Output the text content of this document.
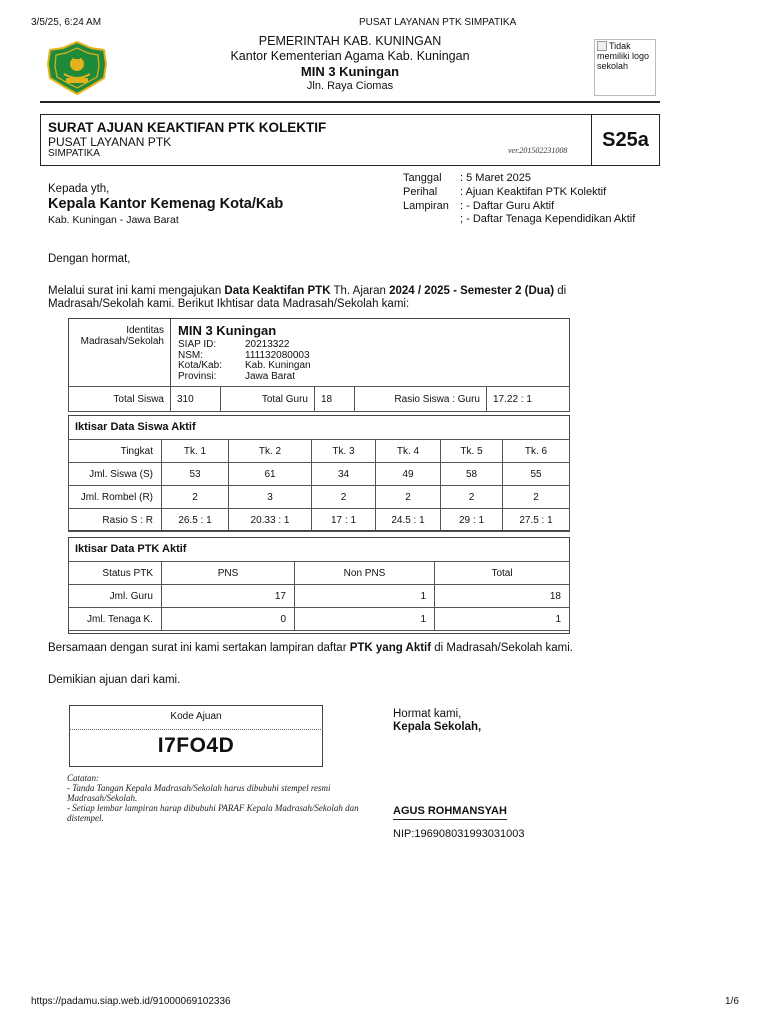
3/5/25, 6:24 AM	PUSAT LAYANAN PTK SIMPATIKA
https://padamu.siap.web.id/91000069102336	1/6
PEMERINTAH KAB. KUNINGAN
Kantor Kementerian Agama Kab. Kuningan
MIN 3 Kuningan
Jln. Raya Ciomas
Tidak memiliki logo sekolah
S25a
SURAT AJUAN KEAKTIFAN PTK KOLEKTIF
PUSAT LAYANAN PTK
SIMPATIKA	ver.201502231008
Kepada yth,
Kepala Kantor Kemenag Kota/Kab
Kab. Kuningan - Jawa Barat
Tanggal : 5 Maret 2025
Perihal : Ajuan Keaktifan PTK Kolektif
Lampiran : - Daftar Guru Aktif
; - Daftar Tenaga Kependidikan Aktif
Dengan hormat,
Melalui surat ini kami mengajukan Data Keaktifan PTK Th. Ajaran 2024 / 2025 - Semester 2 (Dua) di
Madrasah/Sekolah kami. Berikut Ikhtisar data Madrasah/Sekolah kami:
Identitas Madrasah/Sekolah
MIN 3 Kuningan
SIAP ID:	20213322
NSM:	111132080003
Kota/Kab: Kab. Kuningan
Provinsi:	Jawa Barat
Total Siswa	310	Total Guru	18	Rasio Siswa : Guru	17.22 : 1
Iktisar Data Siswa Aktif
Tingkat	Tk. 1	Tk. 2	Tk. 3	Tk. 4	Tk. 5	Tk. 6
Jml. Siswa (S)	53	61	34	49	58	55
Jml. Rombel (R)	2	3	2	2	2	2
Rasio S : R	26.5 : 1	20.33 : 1	17 : 1	24.5 : 1	29 : 1	27.5 : 1
Iktisar Data PTK Aktif
Status PTK	PNS	Non PNS	Total
Jml. Guru	17	1	18
Jml. Tenaga K.	0	1	1
Bersamaan dengan surat ini kami sertakan lampiran daftar PTK yang Aktif di Madrasah/Sekolah kami.
Demikian ajuan dari kami.
Kode Ajuan
I7FO4D
Catatan:
- Tanda Tangan Kepala Madrasah/Sekolah harus dibubuhi stempel resmi Madrasah/Sekolah.
- Setiap lembar lampiran harap dibubuhi PARAF Kepala Madrasah/Sekolah dan distempel.
Hormat kami,
Kepala Sekolah,
AGUS ROHMANSYAH
NIP:196908031993031003
